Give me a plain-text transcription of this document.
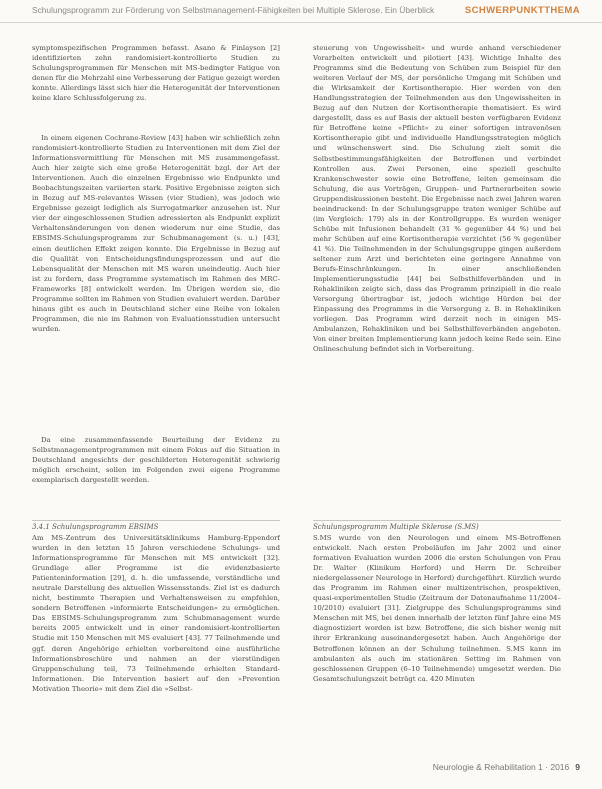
Schulungsprogramm zur Förderung von Selbstmanagement-Fähigkeiten bei Multiple Sklerose. Ein Überblick	SCHWERPUNKTTHEMA

symptomspezifischen Programmen befasst. Asano & Finlayson [2] identifizierten zehn randomisiert-kontrollierte Studien zu Schulungsprogrammen für Menschen mit MS-bedingter Fatigue von denen für die Mehrzahl eine Verbesserung der Fatigue gezeigt werden konnte. Allerdings lässt sich hier die Heterogenität der Interventionen keine klare Schlussfolgerung zu.

In einem eigenen Cochrane-Review [43] haben wir schließlich zehn randomisiert-kontrollierte Studien zu Interventionen mit dem Ziel der Informationsvermittlung für Menschen mit MS zusammengefasst. Auch hier zeigte sich eine große Heterogenität bzgl. der Art der Interventionen. Auch die einzelnen Ergebnisse wie Endpunkte und Beobachtungszeiten variierten stark. Positive Ergebnisse zeigten sich in Bezug auf MS-relevantes Wissen (vier Studien), was jedoch wie Ergebnisse gezeigt lediglich als Surrogatmarker anzusehen ist. Nur vier der eingeschlossenen Studien adressierten als Endpunkt explizit Verhaltensänderungen von denen wiederum nur eine Studie, das EBSIMS-Schulungsprogramm zur Schubmanagement (s. u.) [43], einen deutlichen Effekt zeigen konnte. Die Ergebnisse in Bezug auf die Qualität von Entscheidungsfindungsprozessen und auf die Lebensqualität der Menschen mit MS waren uneindeutig. Auch hier ist zu fordern, dass Programme systematisch im Rahmen des MRC-Frameworks [8] entwickelt werden. Im Übrigen werden sie, die Programme sollten im Rahmen von Studien evaluiert werden. Darüber hinaus gibt es auch in Deutschland sicher eine Reihe von lokalen Programmen, die nie im Rahmen von Evaluationsstudien untersucht wurden.

Da eine zusammenfassende Beurteilung der Evidenz zu Selbstmanagementprogrammen mit einem Fokus auf die Situation in Deutschland angesichts der geschilderten Heterogenität schwierig möglich erscheint, sollen im Folgenden zwei eigene Programme exemplarisch dargestellt werden.

steuerung von Ungewissheit« und wurde anhand verschiedener Vorarbeiten entwickelt und pilotiert [43]. Wichtige Inhalte des Programms sind die Bedeutung von Schüben zum Beispiel für den weiteren Verlauf der MS, der persönliche Umgang mit Schüben und die Wirksamkeit der Kortisontherapie. Hier werden von den Handlungsstrategien der Teilnehmenden aus den Ungewissheiten in Bezug auf den Nutzen der Kortisontherapie thematisiert. Es wird dargestellt, dass es auf Basis der aktuell besten verfügbaren Evidenz für Betroffene keine »Pflicht« zu einer sofortigen intravenösen Kortisontherapie gibt und individuelle Handlungsstrategien möglich und wünschenswert sind. Die Schulung zielt somit die Selbstbestimmungsfähigkeiten der Betroffenen und verbindet Kontrollen aus. Zwei Personen, eine speziell geschulte Krankenschwester sowie eine Betroffene, leiten gemeinsam die Schulung, die aus Vorträgen, Gruppen- und Partnerarbeiten sowie Gruppendiskussionen besteht. Die Ergebnisse nach zwei Jahren waren beeindruckend: In der Schulungsgruppe traten weniger Schübe auf (im Vergleich: 179) als in der Kontrollgruppe. Es wurden weniger Schübe mit Infusionen behandelt (31 % gegenüber 44 %) und bei mehr Schüben auf eine Kortisontherapie verzichtet (56 % gegenüber 41 %). Die Teilnehmenden in der Schulungsgruppe gingen außerdem seltener zum Arzt und berichteten eine geringere Annahme von Berufs-Einschränkungen. In einer anschließenden Implementierungsstudie [44] bei Selbsthilfeverbänden und in Rehakliniken zeigte sich, dass das Programm prinzipiell in die reale Versorgung übertragbar ist, jedoch wichtige Hürden bei der Einpassung des Programms in die Versorgung z. B. in Rehakliniken vorliegen. Das Programm wird derzeit noch in einigen MS-Ambulanzen, Rehakliniken und bei Selbsthilfeverbänden angeboten. Von einer breiten Implementierung kann jedoch keine Rede sein. Eine Onlineschulung befindet sich in Vorbereitung.

3.4.1 Schulungsprogramm EBSIMS	Schulungsprogramm Multiple Sklerose (S.MS)

Am MS-Zentrum des Universitätsklinikums Hamburg-Eppendorf wurden in den letzten 15 Jahren verschiedene Schulungs- und Informationsprogramme für Menschen mit MS entwickelt [32]. Grundlage aller Programme ist die evidenzbasierte Patienteninformation [29], d. h. die umfassende, verständliche und neutrale Darstellung des aktuellen Wissensstands. Ziel ist es dadurch nicht, bestimmte Therapien und Verhaltensweisen zu empfehlen, sondern Betroffenen »informierte Entscheidungen« zu ermöglichen. Das EBSIMS-Schulungsprogramm zum Schubmanagement wurde bereits 2005 entwickelt und in einer randomisiert-kontrollierten Studie mit 150 Menschen mit MS evaluiert [43]. 77 Teilnehmende und ggf. deren Angehörige erhielten vorbereitend eine ausführliche Informationsbroschüre und nahmen an der vierstündigen Gruppenschulung teil, 73 Teilnehmende erhielten Standard-Informationen. Die Intervention basiert auf den »Prevention Motivation Theorie« mit dem Ziel die »Selbst-

S.MS wurde von den Neurologen und einem MS-Betroffenen entwickelt. Nach ersten Probeläufen im Jahr 2002 und einer formativen Evaluation wurden 2006 die ersten Schulungen von Frau Dr. Walter (Klinikum Herford) und Herrn Dr. Schreiber niedergelassener Neurologe in Herford) durchgeführt. Kürzlich wurde das Programm im Rahmen einer multizentrischen, prospektiven, quasi-experimentellen Studie (Zeitraum der Datenaufnahme 11/2004–10/2010) evaluiert [31]. Zielgruppe des Schulungsprogramms sind Menschen mit MS, bei denen innerhalb der letzten fünf Jahre eine MS diagnostiziert worden ist bzw. Betroffene, die sich bisher wenig mit ihrer Erkrankung auseinandergesetzt haben. Auch Angehörige der Betroffenen können an der Schulung teilnehmen. S.MS kann im ambulanten als auch im stationären Setting im Rahmen von geschlossenen Gruppen (6–10 Teilnehmende) umgesetzt werden. Die Gesamtschulungszeit beträgt ca. 420 Minuten

Neurologie & Rehabilitation 1 · 2016 9
